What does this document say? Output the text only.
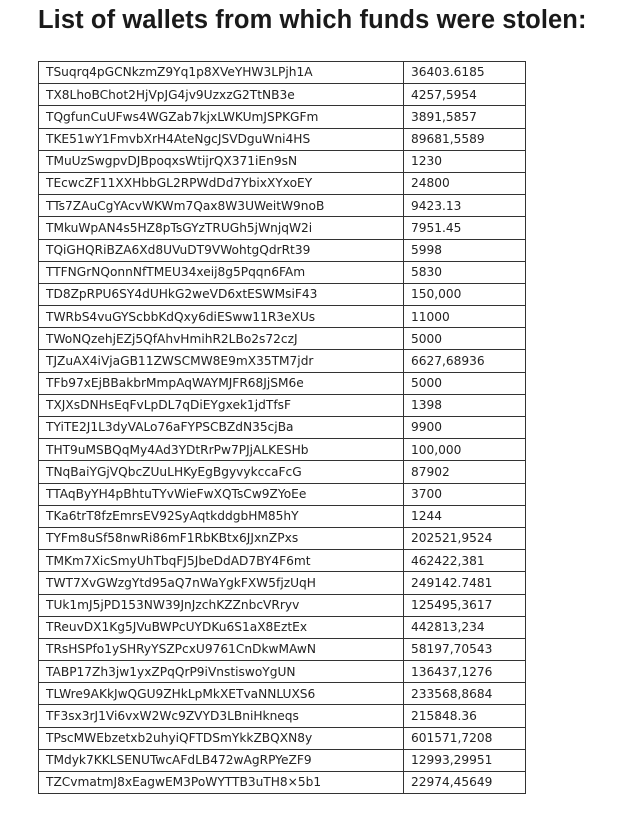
List of wallets from which funds were stolen:
TSuqrq4pGCNkzmZ9Yq1p8XVeYHW3LPjh1A	36403.6185
TX8LhoBChot2HjVpJG4jv9UzxzG2TtNB3e	4257,5954
TQgfunCuUFws4WGZab7kjxLWKUmJSPKGFm	3891,5857
TKE51wY1FmvbXrH4AteNgcJSVDguWni4HS	89681,5589
TMuUzSwgpvDJBpoqxsWtijrQX371iEn9sN	1230
TEcwcZF11XXHbbGL2RPWdDd7YbixXYxoEY	24800
TTs7ZAuCgYAcvWKWm7Qax8W3UWeitW9noB	9423.13
TMkuWpAN4s5HZ8pTsGYzTRUGh5jWnjqW2i	7951.45
TQiGHQRiBZA6Xd8UVuDT9VWohtgQdrRt39	5998
TTFNGrNQonnNfTMEU34xeij8g5Pqqn6FAm	5830
TD8ZpRPU6SY4dUHkG2weVD6xtESWMsiF43	150,000
TWRbS4vuGYScbbKdQxy6diESww11R3eXUs	11000
TWoNQzehjEZj5QfAhvHmihR2LBo2s72czJ	5000
TJZuAX4iVjaGB11ZWSCMW8E9mX35TM7jdr	6627,68936
TFb97xEjBBakbrMmpAqWAYMJFR68JjSM6e	5000
TXJXsDNHsEqFvLpDL7qDiEYgxek1jdTfsF	1398
TYiTE2J1L3dyVALo76aFYPSCBZdN35cjBa	9900
THT9uMSBQqMy4Ad3YDtRrPw7PJjALKESHb	100,000
TNqBaiYGjVQbcZUuLHKyEgBgyvykccaFcG	87902
TTAqByYH4pBhtuTYvWieFwXQTsCw9ZYoEe	3700
TKa6trT8fzEmrsEV92SyAqtkddgbHM85hY	1244
TYFm8uSf58nwRi86mF1RbKBtx6JJxnZPxs	202521,9524
TMKm7XicSmyUhTbqFJ5JbeDdAD7BY4F6mt	462422,381
TWT7XvGWzgYtd95aQ7nWaYgkFXW5fjzUqH	249142.7481
TUk1mJ5jPD153NW39JnJzchKZZnbcVRryv	125495,3617
TReuvDX1Kg5JVuBWPcUYDKu6S1aX8EztEx	442813,234
TRsHSPfo1ySHRyYSZPcxU9761CnDkwMAwN	58197,70543
TABP17Zh3jw1yxZPqQrP9iVnstiswoYgUN	136437,1276
TLWre9AKkJwQGU9ZHkLpMkXETvaNNLUXS6	233568,8684
TF3sx3rJ1Vi6vxW2Wc9ZVYD3LBniHkneqs	215848.36
TPscMWEbzetxb2uhyiQFTDSmYkkZBQXN8y	601571,7208
TMdyk7KKLSENUTwcAFdLB472wAgRPYeZF9	12993,29951
TZCvmatmJ8xEagwEM3PoWYTTB3uTH8×5b1	22974,45649
